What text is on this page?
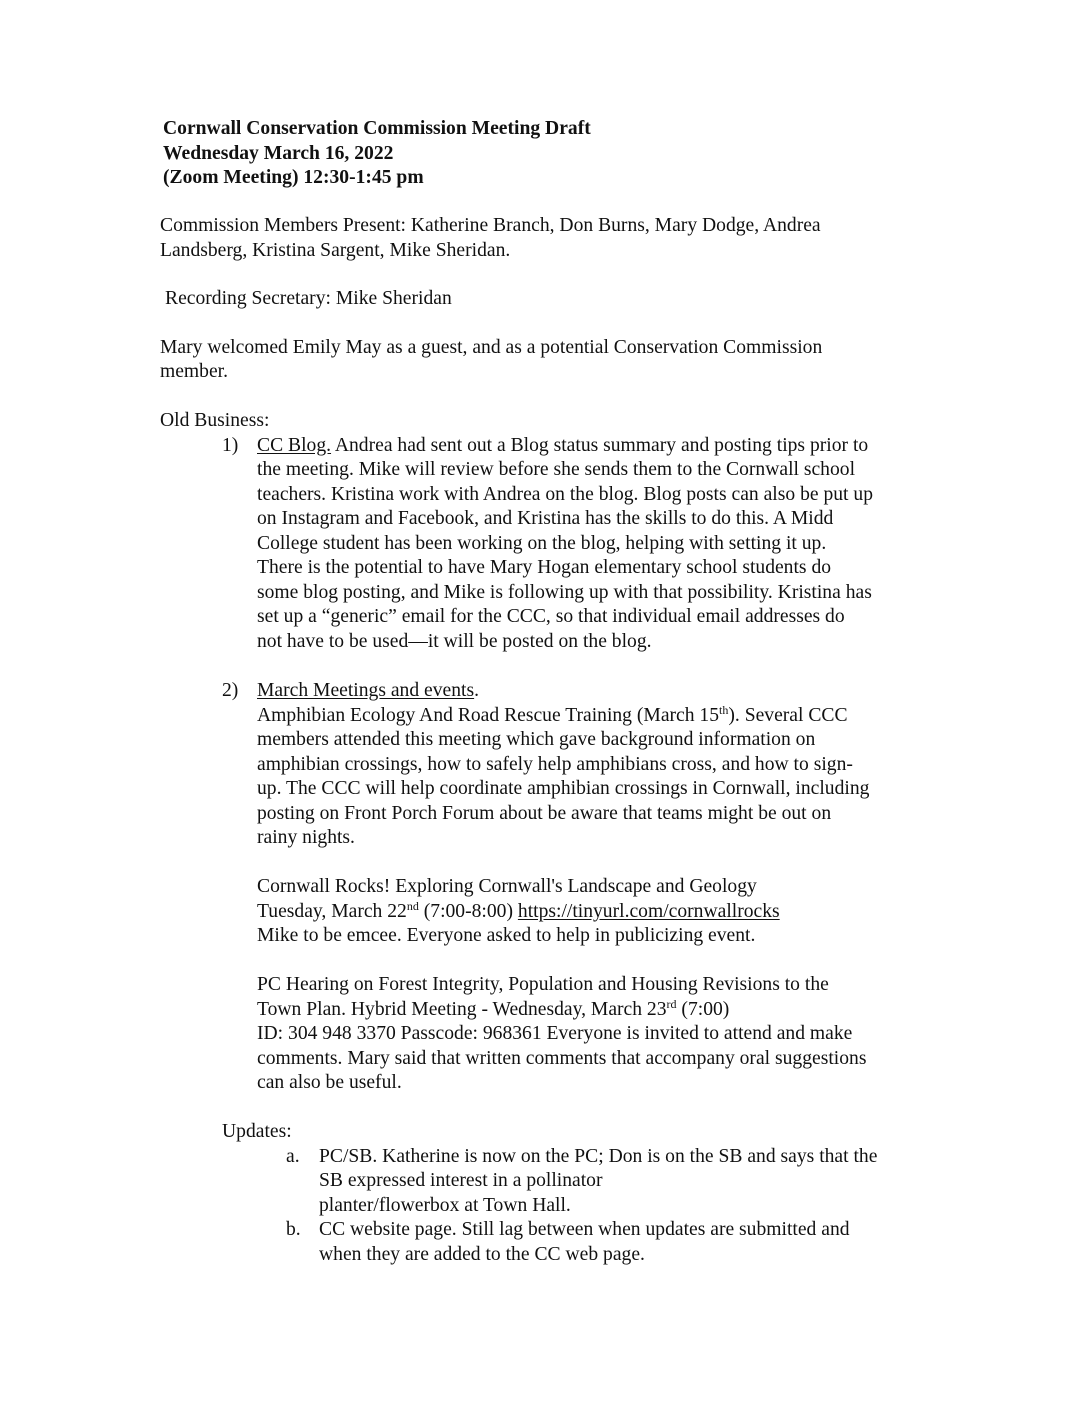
Cornwall Conservation Commission Meeting Draft
Wednesday March 16, 2022
(Zoom Meeting) 12:30-1:45 pm
Commission Members Present: Katherine Branch, Don Burns, Mary Dodge, Andrea
Landsberg, Kristina Sargent, Mike Sheridan.
Recording Secretary: Mike Sheridan
Mary welcomed Emily May as a guest, and as a potential Conservation Commission
member.
Old Business:
1) CC Blog. Andrea had sent out a Blog status summary and posting tips prior to
the meeting. Mike will review before she sends them to the Cornwall school
teachers. Kristina work with Andrea on the blog. Blog posts can also be put up
on Instagram and Facebook, and Kristina has the skills to do this. A Midd
College student has been working on the blog, helping with setting it up.
There is the potential to have Mary Hogan elementary school students do
some blog posting, and Mike is following up with that possibility. Kristina has
set up a “generic” email for the CCC, so that individual email addresses do
not have to be used—it will be posted on the blog.
2) March Meetings and events.
Amphibian Ecology And Road Rescue Training (March 15th). Several CCC
members attended this meeting which gave background information on
amphibian crossings, how to safely help amphibians cross, and how to sign-
up. The CCC will help coordinate amphibian crossings in Cornwall, including
posting on Front Porch Forum about be aware that teams might be out on
rainy nights.
Cornwall Rocks! Exploring Cornwall's Landscape and Geology
Tuesday, March 22nd (7:00-8:00) https://tinyurl.com/cornwallrocks
Mike to be emcee. Everyone asked to help in publicizing event.
PC Hearing on Forest Integrity, Population and Housing Revisions to the
Town Plan. Hybrid Meeting - Wednesday, March 23rd (7:00)
ID: 304 948 3370 Passcode: 968361 Everyone is invited to attend and make
comments. Mary said that written comments that accompany oral suggestions
can also be useful.
Updates:
a. PC/SB. Katherine is now on the PC; Don is on the SB and says that the
SB expressed interest in a pollinator
planter/flowerbox at Town Hall.
b. CC website page. Still lag between when updates are submitted and
when they are added to the CC web page.
